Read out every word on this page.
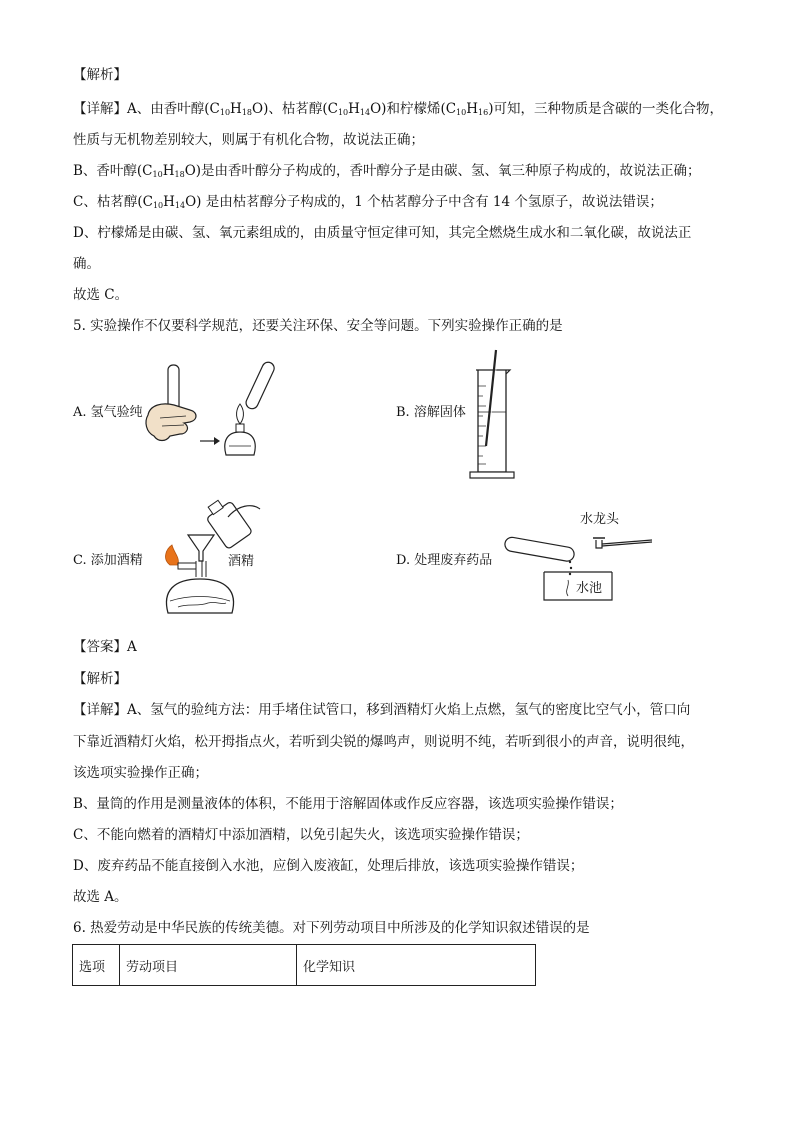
【解析】
【详解】A、由香叶醇$(C_{10}H_{18}O)$、枯茗醇$(C_{10}H_{14}O)$和柠檬烯$(C_{10}H_{16})$可知，三种物质是含碳的一类化合物，
性质与无机物差别较大，则属于有机化合物，故说法正确；
B、香叶醇$(C_{10}H_{18}O)$是由香叶醇分子构成的，香叶醇分子是由碳、氢、氧三种原子构成的，故说法正确；
C、枯茗醇$(C_{10}H_{14}O)$ 是由枯茗醇分子构成的，1 个枯茗醇分子中含有 14 个氢原子，故说法错误；
D、柠檬烯是由碳、氢、氧元素组成的，由质量守恒定律可知，其完全燃烧生成水和二氧化碳，故说法正
确。
故选 C。
5. 实验操作不仅要科学规范，还要关注环保、安全等问题。下列实验操作正确的是
A. 氢气验纯	B. 溶解固体
C. 添加酒精	酒精	D. 处理废弃药品
水龙头
水池
【答案】A
【解析】
【详解】A、氢气的验纯方法：用手堵住试管口，移到酒精灯火焰上点燃，氢气的密度比空气小，管口向
下靠近酒精灯火焰，松开拇指点火，若听到尖锐的爆鸣声，则说明不纯，若听到很小的声音，说明很纯，
该选项实验操作正确；
B、量筒的作用是测量液体的体积，不能用于溶解固体或作反应容器，该选项实验操作错误；
C、不能向燃着的酒精灯中添加酒精，以免引起失火，该选项实验操作错误；
D、废弃药品不能直接倒入水池，应倒入废液缸，处理后排放，该选项实验操作错误；
故选 A。
6. 热爱劳动是中华民族的传统美德。对下列劳动项目中所涉及的化学知识叙述错误的是
选项	劳动项目	化学知识
